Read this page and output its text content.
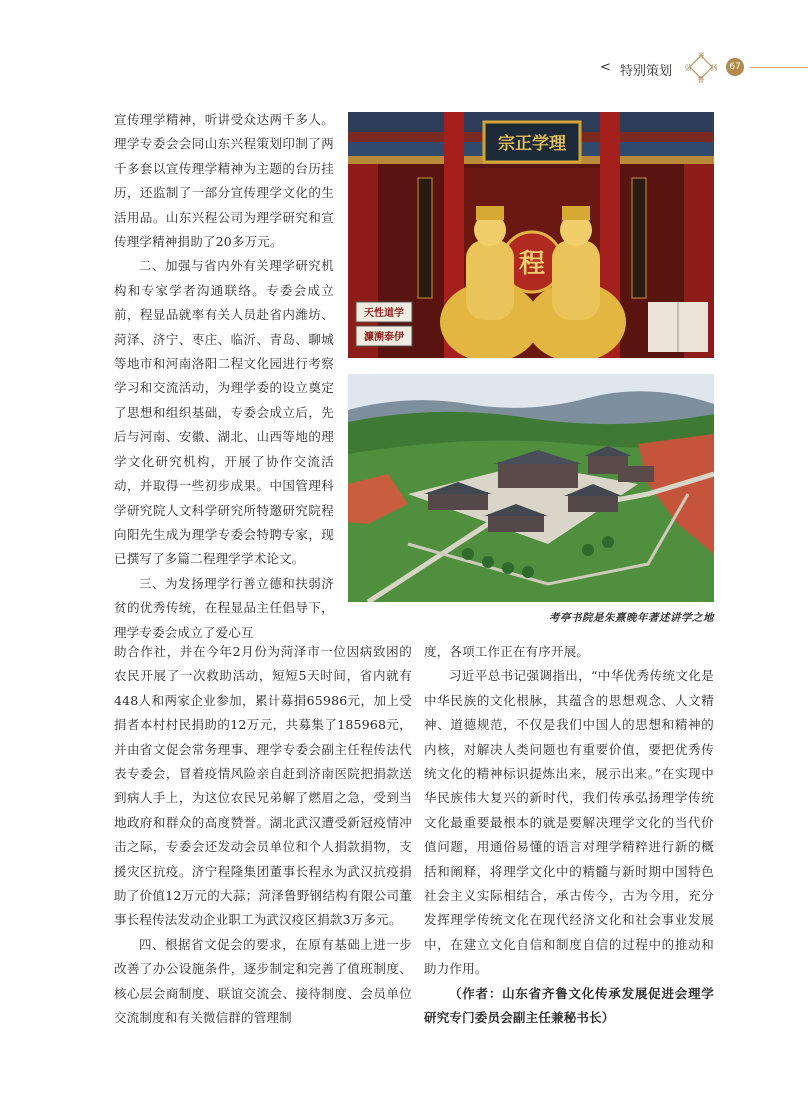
< 特别策划
齐
鲁
弘	扬	67

宣传理学精神，听讲受众达两千多人。理学专委会会同山东兴程策划印制了两千多套以宣传理学精神为主题的台历挂历，还监制了一部分宣传理学文化的生活用品。山东兴程公司为理学研究和宣传理学精神捐助了20多万元。

二、加强与省内外有关理学研究机构和专家学者沟通联络。专委会成立前，程显品就率有关人员赴省内潍坊、菏泽、济宁、枣庄、临沂、青岛、聊城等地市和河南洛阳二程文化园进行考察学习和交流活动，为理学委的设立奠定了思想和组织基础，专委会成立后，先后与河南、安徽、湖北、山西等地的理学文化研究机构，开展了协作交流活动，并取得一些初步成果。中国管理科学研究院人文科学研究所特邀研究院程向阳先生成为理学专委会特聘专家，现已撰写了多篇二程理学学术论文。

三、为发扬理学行善立德和扶弱济贫的优秀传统，在程显品主任倡导下，理学专委会成立了爱心互

宗正学理
程
天性道学
濂溯泰伊
考亭书院是朱熹晚年著述讲学之地

助合作社，并在今年2月份为菏泽市一位因病致困的农民开展了一次救助活动，短短5天时间，省内就有448人和两家企业参加，累计募捐65986元，加上受捐者本村村民捐助的12万元，共募集了185968元，并由省文促会常务理事、理学专委会副主任程传法代表专委会，冒着疫情风险亲自赶到济南医院把捐款送到病人手上，为这位农民兄弟解了燃眉之急，受到当地政府和群众的高度赞誉。湖北武汉遭受新冠疫情冲击之际，专委会还发动会员单位和个人捐款捐物，支援灾区抗疫。济宁程隆集团董事长程永为武汉抗疫捐助了价值12万元的大蒜；菏泽鲁野钢结构有限公司董事长程传法发动企业职工为武汉疫区捐款3万多元。

四、根据省文促会的要求，在原有基础上进一步改善了办公设施条件，逐步制定和完善了值班制度、核心层会商制度、联谊交流会、接待制度、会员单位交流制度和有关微信群的管理制

度，各项工作正在有序开展。

习近平总书记强调指出，“中华优秀传统文化是中华民族的文化根脉，其蕴含的思想观念、人文精神、道德规范，不仅是我们中国人的思想和精神的内核，对解决人类问题也有重要价值，要把优秀传统文化的精神标识提炼出来，展示出来。”在实现中华民族伟大复兴的新时代，我们传承弘扬理学传统文化最重要最根本的就是要解决理学文化的当代价值问题，用通俗易懂的语言对理学精粹进行新的概括和阐释，将理学文化中的精髓与新时期中国特色社会主义实际相结合，承古传今，古为今用，充分发挥理学传统文化在现代经济文化和社会事业发展中，在建立文化自信和制度自信的过程中的推动和助力作用。

（作者：山东省齐鲁文化传承发展促进会理学研究专门委员会副主任兼秘书长）
